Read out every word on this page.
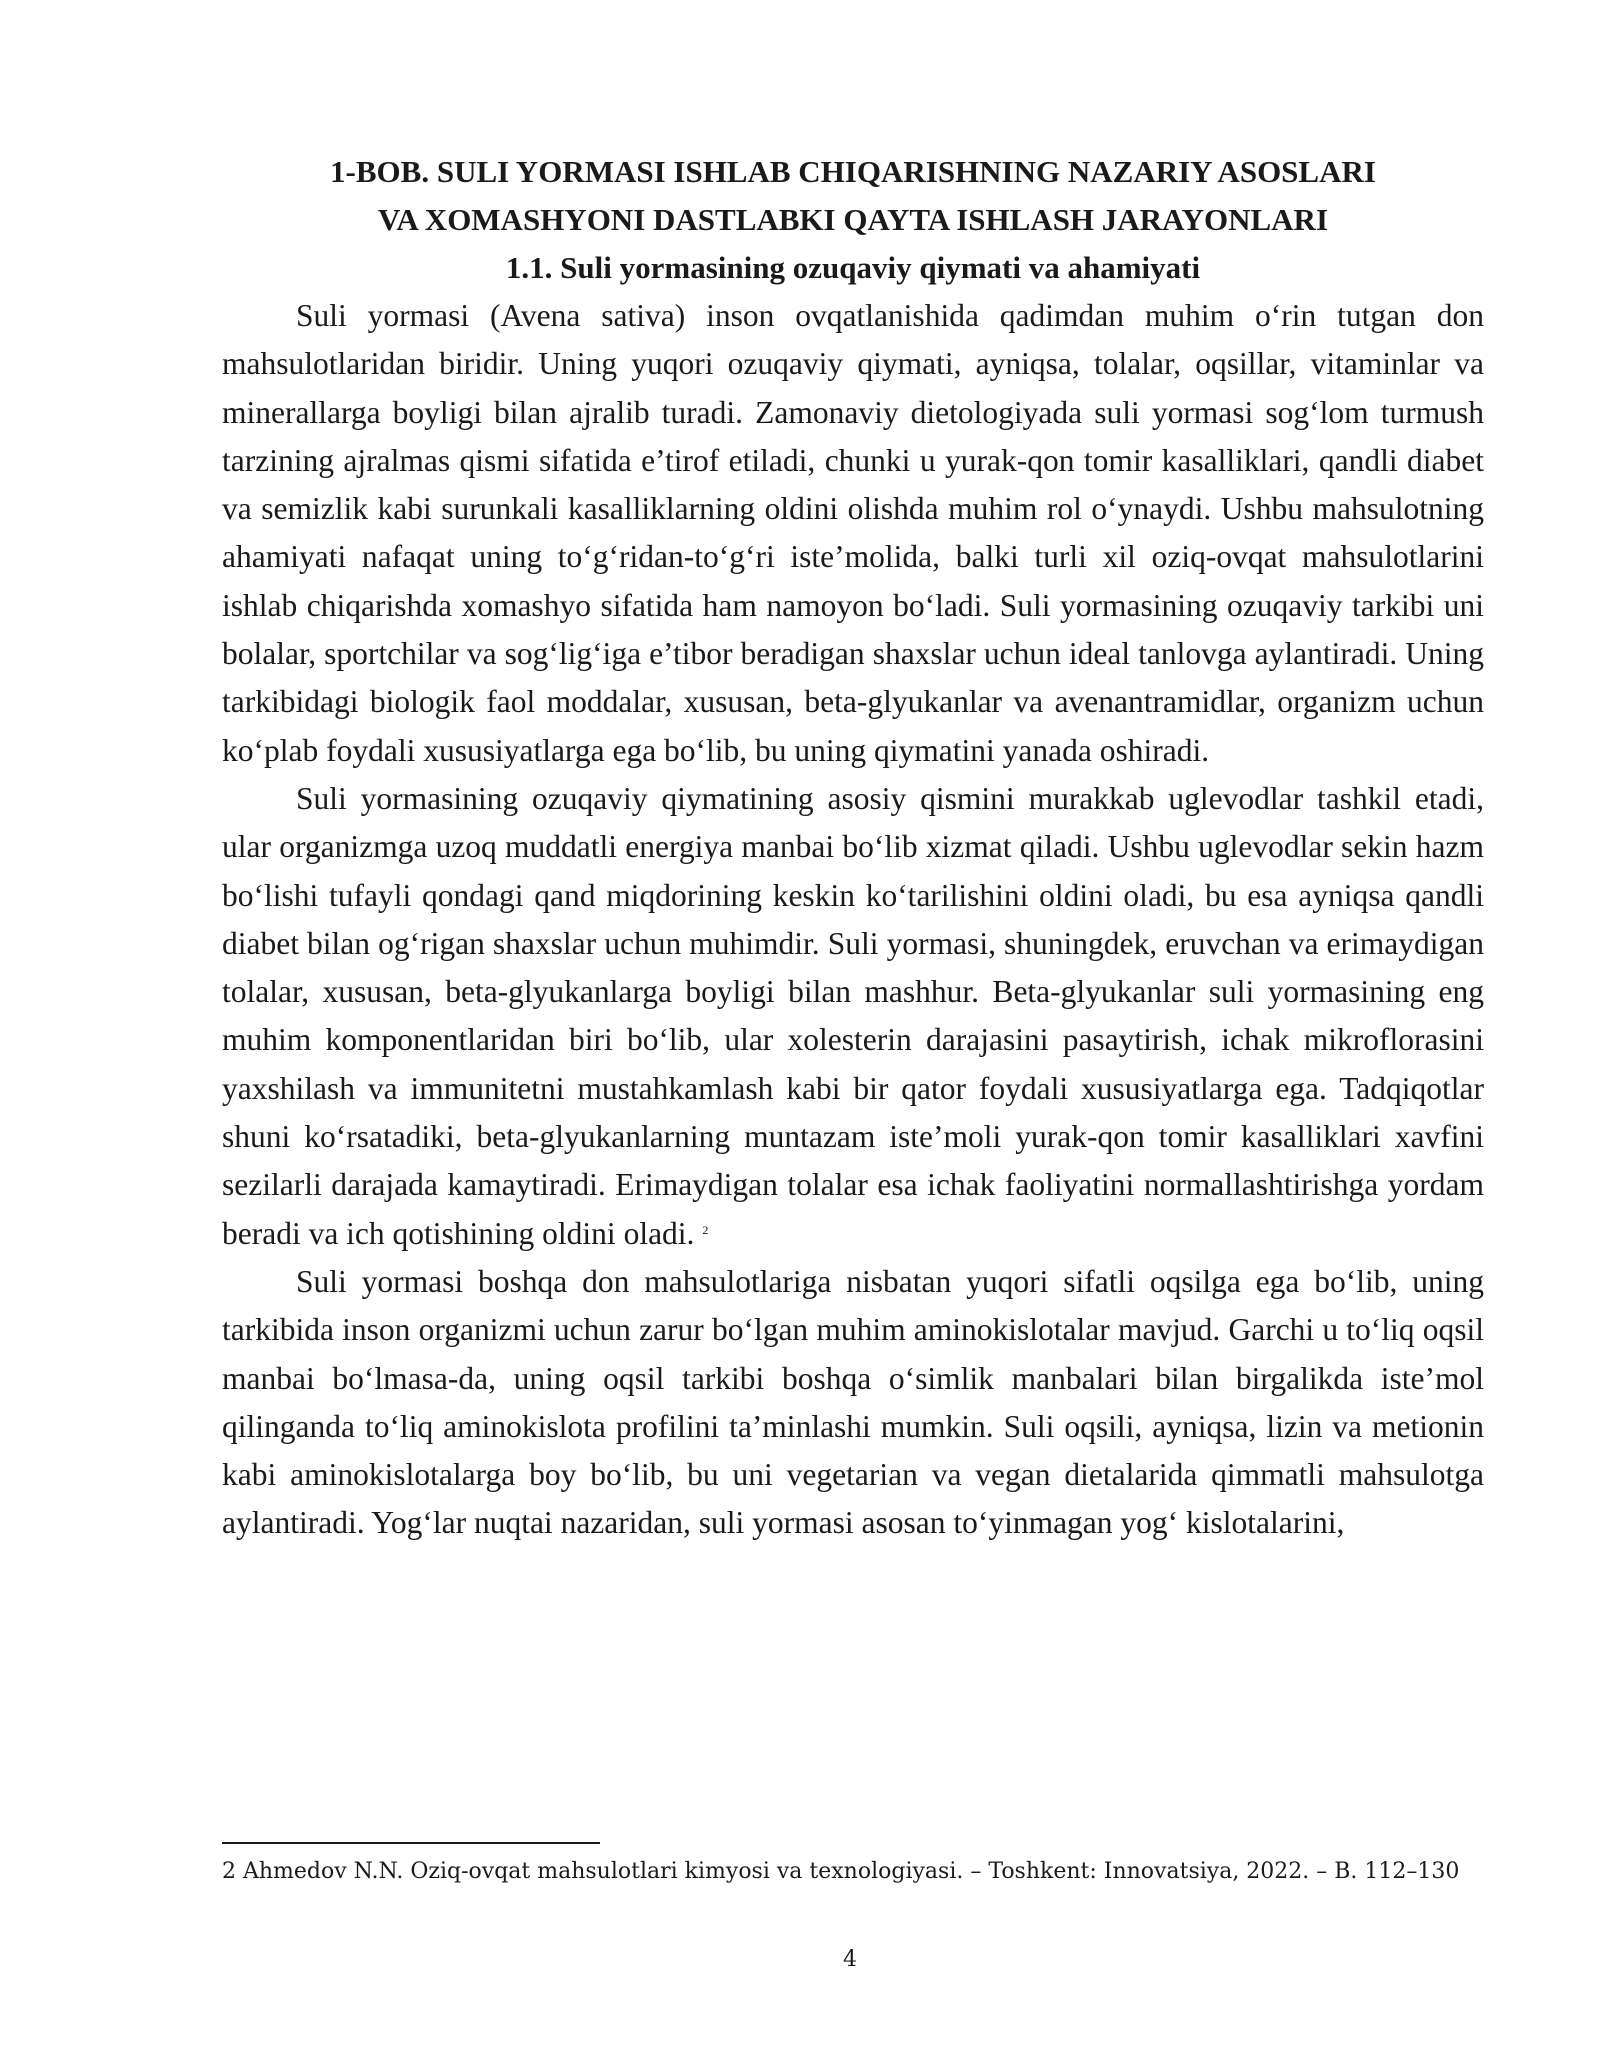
1-BOB. SULI YORMASI ISHLAB CHIQARISHNING NAZARIY ASOSLARI
VA XOMASHYONI DASTLABKI QAYTA ISHLASH JARAYONLARI

1.1. Suli yormasining ozuqaviy qiymati va ahamiyati

Suli yormasi (Avena sativa) inson ovqatlanishida qadimdan muhim o‘rin tutgan don mahsulotlaridan biridir. Uning yuqori ozuqaviy qiymati, ayniqsa, tolalar, oqsillar, vitaminlar va minerallarga boyligi bilan ajralib turadi. Zamonaviy dietologiyada suli yormasi sog‘lom turmush tarzining ajralmas qismi sifatida e’tirof etiladi, chunki u yurak-qon tomir kasalliklari, qandli diabet va semizlik kabi surunkali kasalliklarning oldini olishda muhim rol o‘ynaydi. Ushbu mahsulotning ahamiyati nafaqat uning to‘g‘ridan-to‘g‘ri iste’molida, balki turli xil oziq-ovqat mahsulotlarini ishlab chiqarishda xomashyo sifatida ham namoyon bo‘ladi. Suli yormasining ozuqaviy tarkibi uni bolalar, sportchilar va sog‘lig‘iga e’tibor beradigan shaxslar uchun ideal tanlovga aylantiradi. Uning tarkibidagi biologik faol moddalar, xususan, beta-glyukanlar va avenantramidlar, organizm uchun ko‘plab foydali xususiyatlarga ega bo‘lib, bu uning qiymatini yanada oshiradi.

Suli yormasining ozuqaviy qiymatining asosiy qismini murakkab uglevodlar tashkil etadi, ular organizmga uzoq muddatli energiya manbai bo‘lib xizmat qiladi. Ushbu uglevodlar sekin hazm bo‘lishi tufayli qondagi qand miqdorining keskin ko‘tarilishini oldini oladi, bu esa ayniqsa qandli diabet bilan og‘rigan shaxslar uchun muhimdir. Suli yormasi, shuningdek, eruvchan va erimaydigan tolalar, xususan, beta-glyukanlarga boyligi bilan mashhur. Beta-glyukanlar suli yormasining eng muhim komponentlaridan biri bo‘lib, ular xolesterin darajasini pasaytirish, ichak mikroflorasini yaxshilash va immunitetni mustahkamlash kabi bir qator foydali xususiyatlarga ega. Tadqiqotlar shuni ko‘rsatadiki, beta-glyukanlarning muntazam iste’moli yurak-qon tomir kasalliklari xavfini sezilarli darajada kamaytiradi. Erimaydigan tolalar esa ichak faoliyatini normallashtirishga yordam beradi va ich qotishining oldini oladi. $^2$

Suli yormasi boshqa don mahsulotlariga nisbatan yuqori sifatli oqsilga ega bo‘lib, uning tarkibida inson organizmi uchun zarur bo‘lgan muhim aminokislotalar mavjud. Garchi u to‘liq oqsil manbai bo‘lmasa-da, uning oqsil tarkibi boshqa o‘simlik manbalari bilan birgalikda iste’mol qilinganda to‘liq aminokislota profilini ta’minlashi mumkin. Suli oqsili, ayniqsa, lizin va metionin kabi aminokislotalarga boy bo‘lib, bu uni vegetarian va vegan dietalarida qimmatli mahsulotga aylantiradi. Yog‘lar nuqtai nazaridan, suli yormasi asosan to‘yinmagan yog‘ kislotalarini,

2 Ahmedov N.N. Oziq-ovqat mahsulotlari kimyosi va texnologiyasi. – Toshkent: Innovatsiya, 2022. – B. 112–130

4
